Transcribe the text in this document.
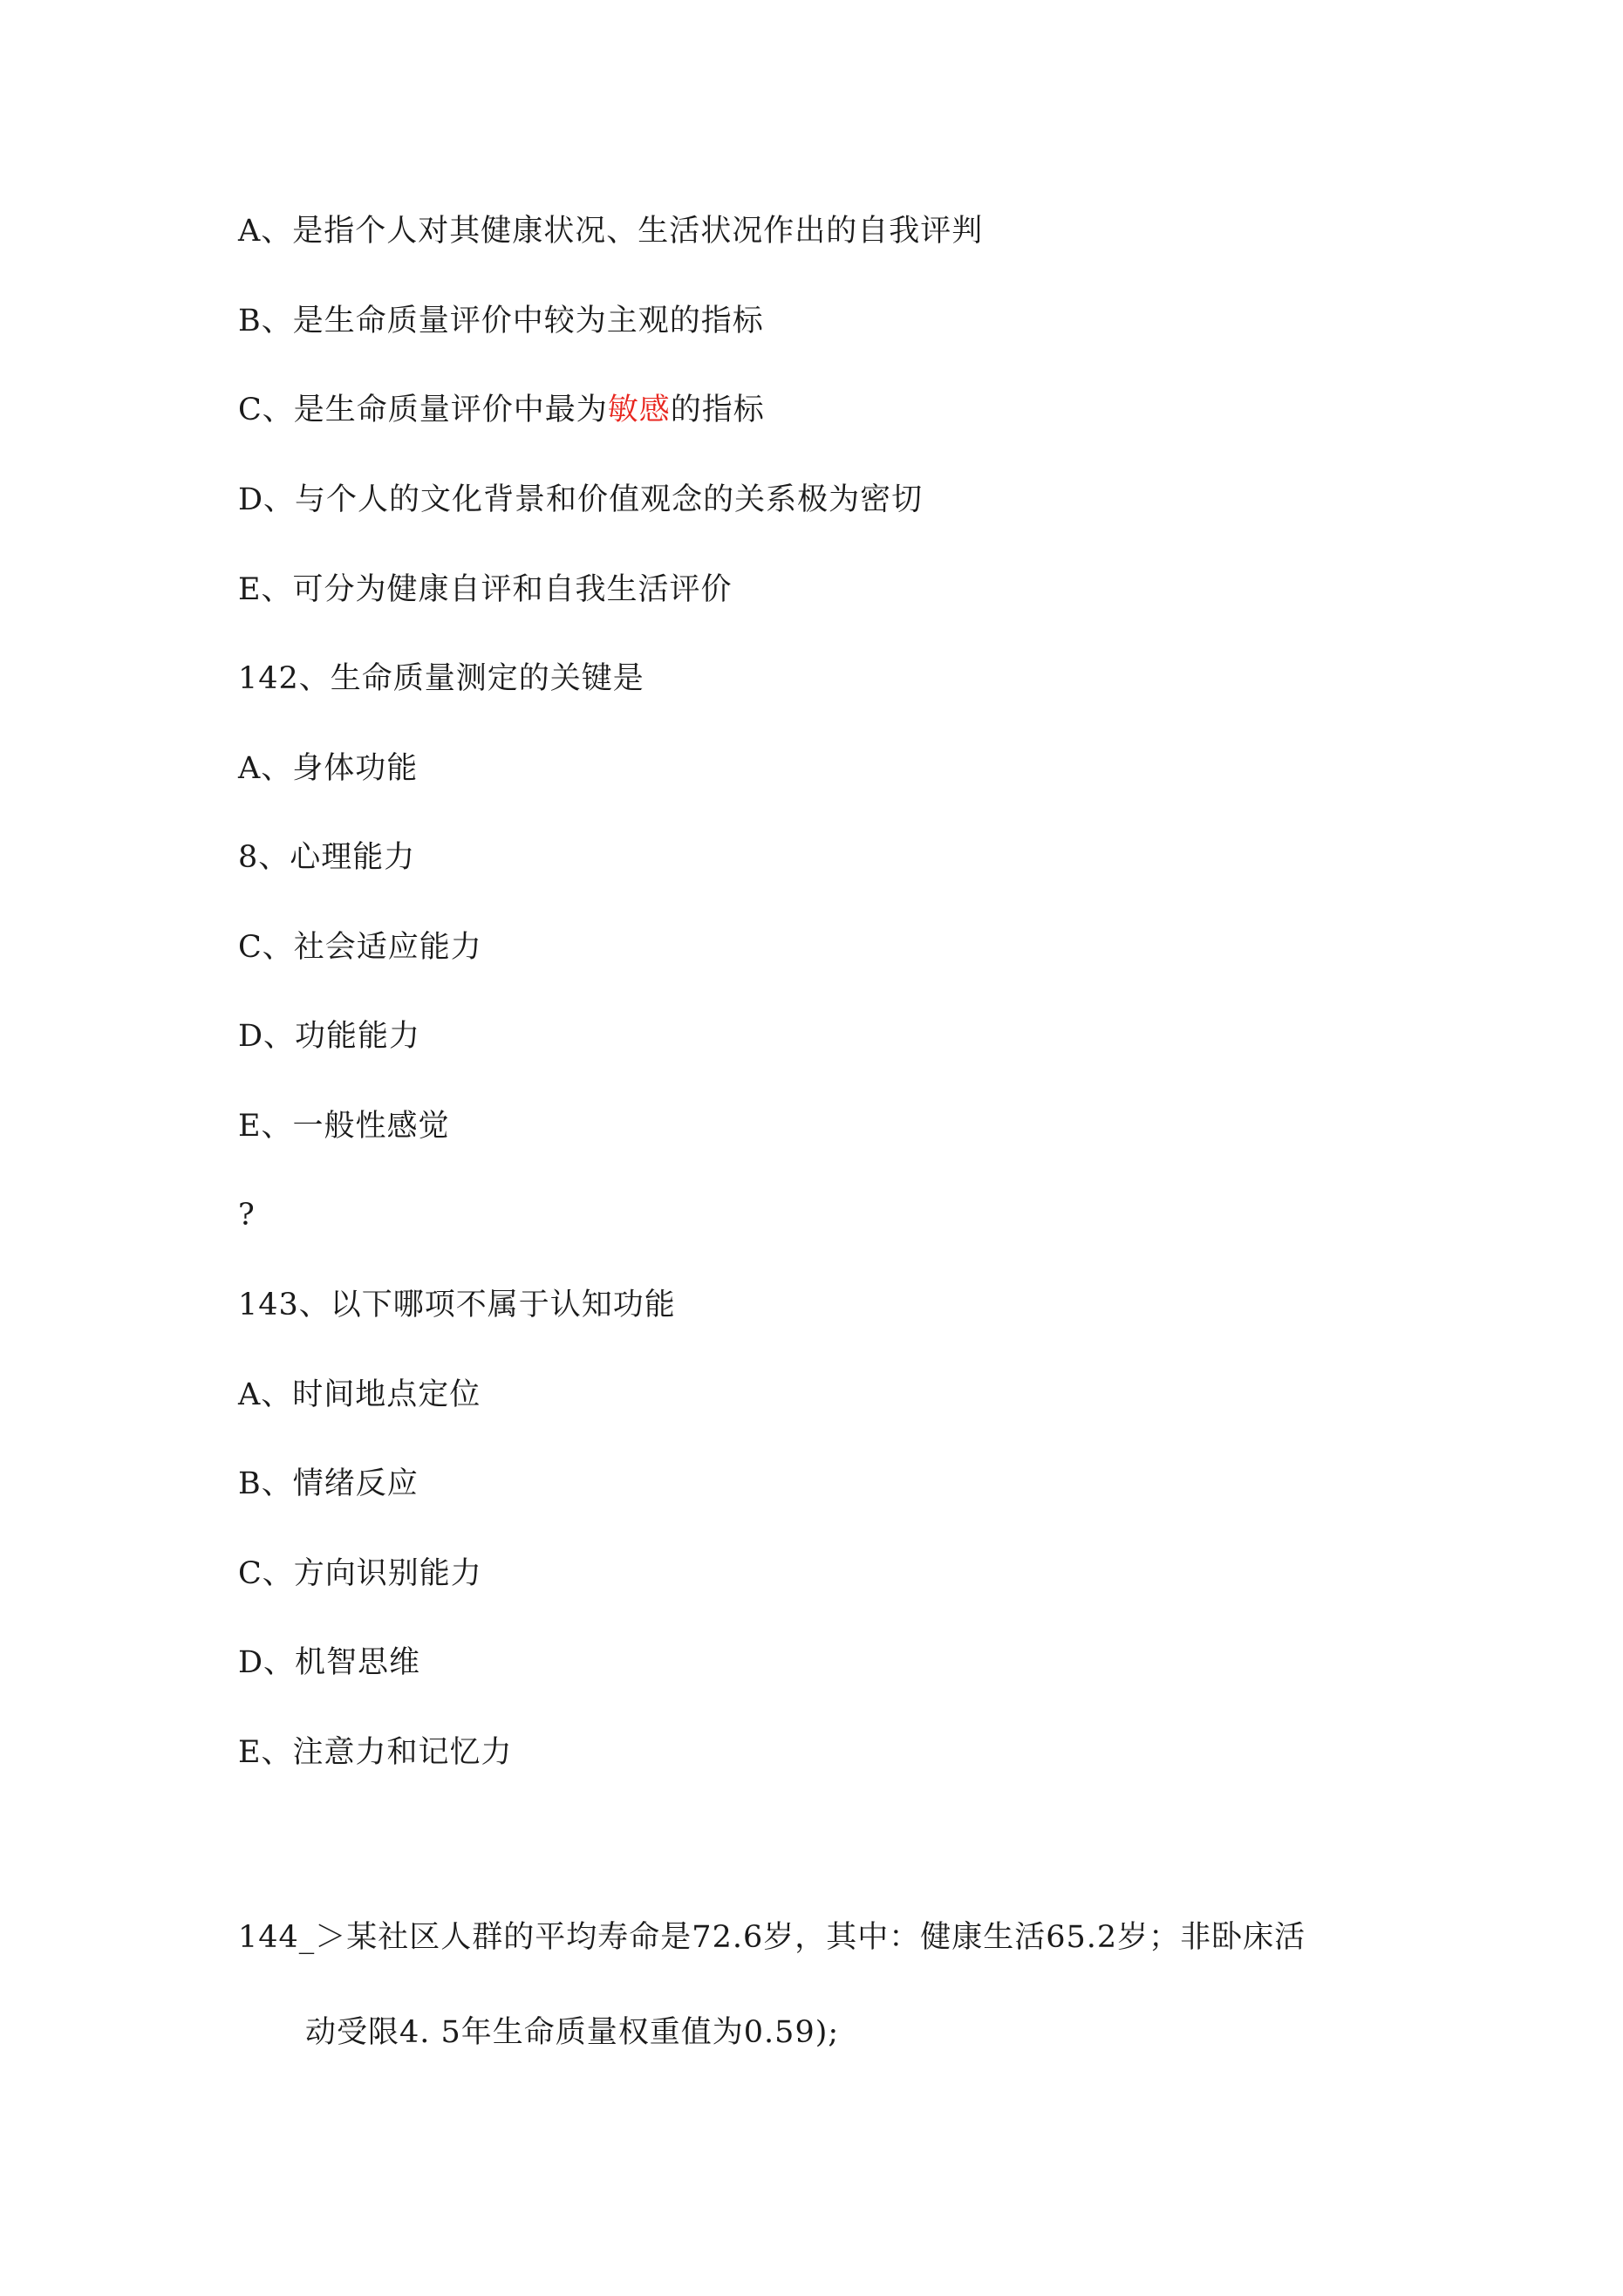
A、是指个人对其健康状况、生活状况作出的自我评判
B、是生命质量评价中较为主观的指标
C、是生命质量评价中最为敏感的指标
D、与个人的文化背景和价值观念的关系极为密切
E、可分为健康自评和自我生活评价
142、生命质量测定的关键是
A、身体功能
8、心理能力
C、社会适应能力
D、功能能力
E、一般性感觉
?
143、以下哪项不属于认知功能
A、时间地点定位
B、情绪反应
C、方向识别能力
D、机智思维
E、注意力和记忆力
144_＞某社区人群的平均寿命是72.6岁，其中：健康生活65.2岁；非卧床活
动受限4. 5年生命质量权重值为0.59);
